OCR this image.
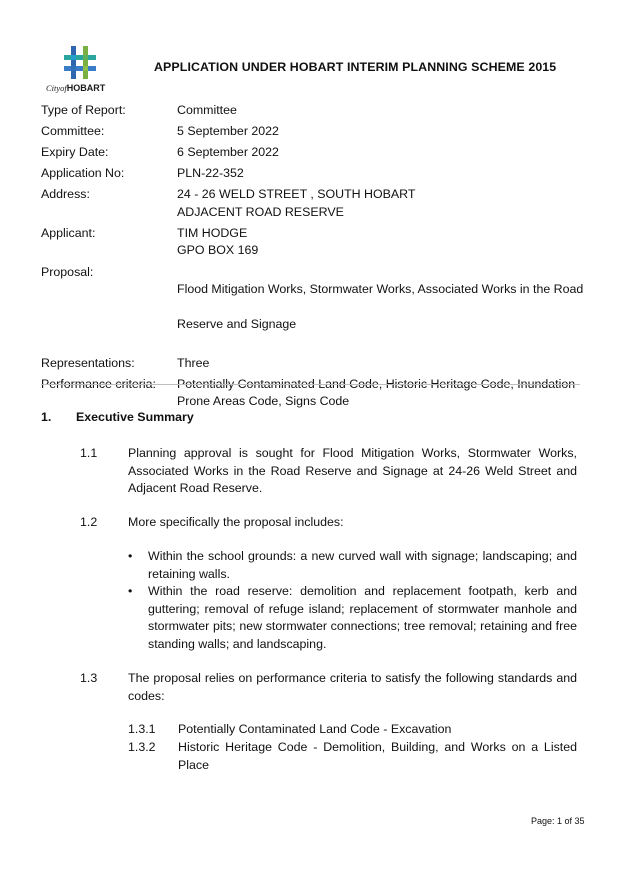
CityofHOBART
APPLICATION UNDER HOBART INTERIM PLANNING SCHEME 2015
Type of Report:	Committee
Committee:	5 September 2022
Expiry Date:	6 September 2022
Application No:	PLN-22-352
Address:	24 - 26 WELD STREET , SOUTH HOBART
ADJACENT ROAD RESERVE
Applicant:	TIM HODGE
GPO BOX 169
Proposal:

Flood Mitigation Works, Stormwater Works, Associated Works in the Road

Reserve and Signage

Representations:	Three
Performance criteria:	Potentially Contaminated Land Code, Historic Heritage Code, Inundation Prone Areas Code, Signs Code
1. Executive Summary
1.1 Planning approval is sought for Flood Mitigation Works, Stormwater Works, Associated Works in the Road Reserve and Signage at 24-26 Weld Street and Adjacent Road Reserve.
1.2 More specifically the proposal includes:
• Within the school grounds: a new curved wall with signage; landscaping; and retaining walls.
• Within the road reserve: demolition and replacement footpath, kerb and guttering; removal of refuge island; replacement of stormwater manhole and stormwater pits; new stormwater connections; tree removal; retaining and free standing walls; and landscaping.
1.3 The proposal relies on performance criteria to satisfy the following standards and codes:
1.3.1 Potentially Contaminated Land Code - Excavation
1.3.2 Historic Heritage Code - Demolition, Building, and Works on a Listed Place
Page: 1 of 35
